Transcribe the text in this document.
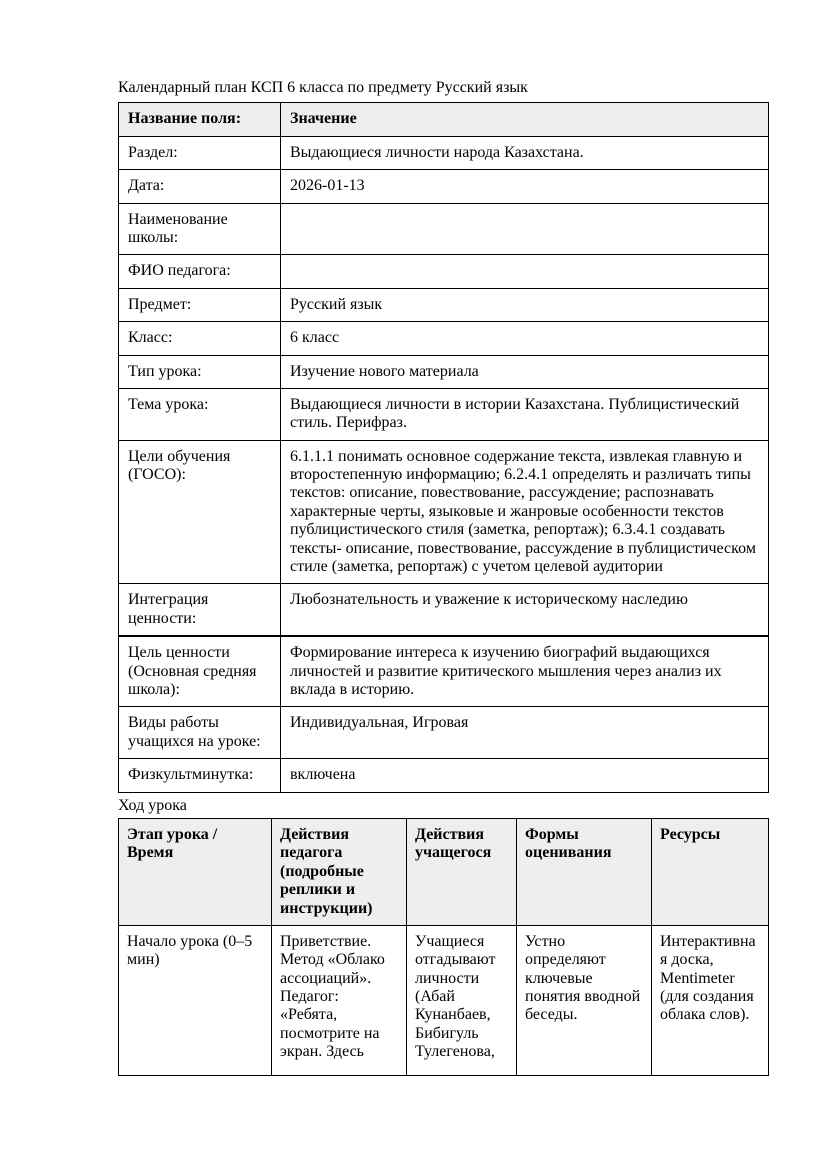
Календарный план КСП 6 класса по предмету Русский язык
Название поля:	Значение
Раздел:	Выдающиеся личности народа Казахстана.
Дата:	2026-01-13
Наименование школы:	
ФИО педагога:	
Предмет:	Русский язык
Класс:	6 класс
Тип урока:	Изучение нового материала
Тема урока:	Выдающиеся личности в истории Казахстана. Публицистический стиль. Перифраз.
Цели обучения (ГОСО):	6.1.1.1 понимать основное содержание текста, извлекая главную и второстепенную информацию; 6.2.4.1 определять и различать типы текстов: описание, повествование, рассуждение; распознавать характерные черты, языковые и жанровые особенности текстов публицистического стиля (заметка, репортаж); 6.3.4.1 создавать тексты- описание, повествование, рассуждение в публицистическом стиле (заметка, репортаж) с учетом целевой аудитории
Интеграция ценности:	Любознательность и уважение к историческому наследию
Цель ценности (Основная средняя школа):	Формирование интереса к изучению биографий выдающихся личностей и развитие критического мышления через анализ их вклада в историю.
Виды работы учащихся на уроке:	Индивидуальная, Игровая
Физкультминутка:	включена
Ход урока
Этап урока / Время	Действия педагога (подробные реплики и инструкции)	Действия учащегося	Формы оценивания	Ресурсы
Начало урока (0–5 мин)	Приветствие. Метод «Облако ассоциаций». Педагог: «Ребята, посмотрите на экран. Здесь	Учащиеся отгадывают личности (Абай Кунанбаев, Бибигуль Тулегенова,	Устно определяют ключевые понятия вводной беседы.	Интерактивная доска, Mentimeter (для создания облака слов).
